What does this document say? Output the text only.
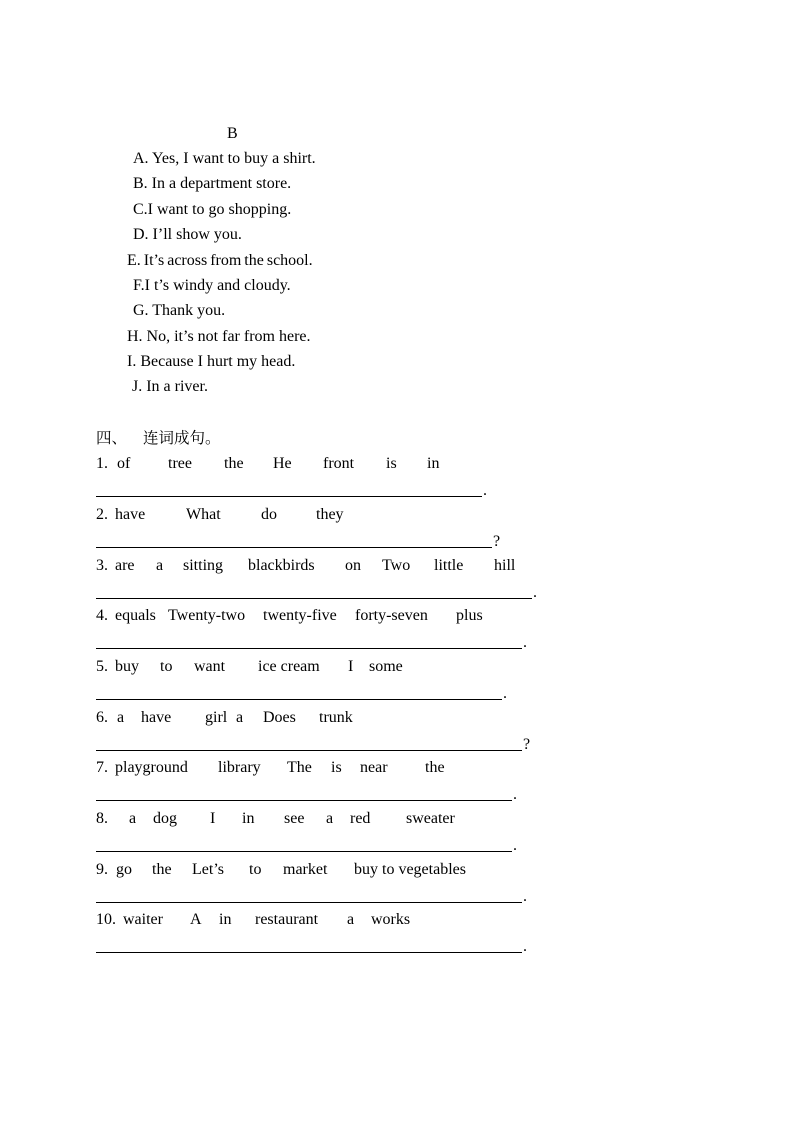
B
A. Yes, I want to buy a shirt.
B. In a department store.
C.I want to go shopping.
D. I’ll show you.
E. It’s across from the school.
F.I t’s windy and cloudy.
G. Thank you.
H. No, it’s not far from here.
I. Because I hurt my head.
J. In a river.
四、 连词成句。
1. of tree the He front is in
.
2. have	What	do they
?
3. are a sitting blackbirds on Two little hill
.
4. equals Twenty-two twenty-five forty-seven plus
.
5. buy to want ice cream I some
.
6. a have girl a Does trunk
?
7. playground library The is near the
.
8. a dog I in see a red sweater
.
9. go the Let’s to market buy to vegetables
.
10. waiter A in restaurant a works
.
